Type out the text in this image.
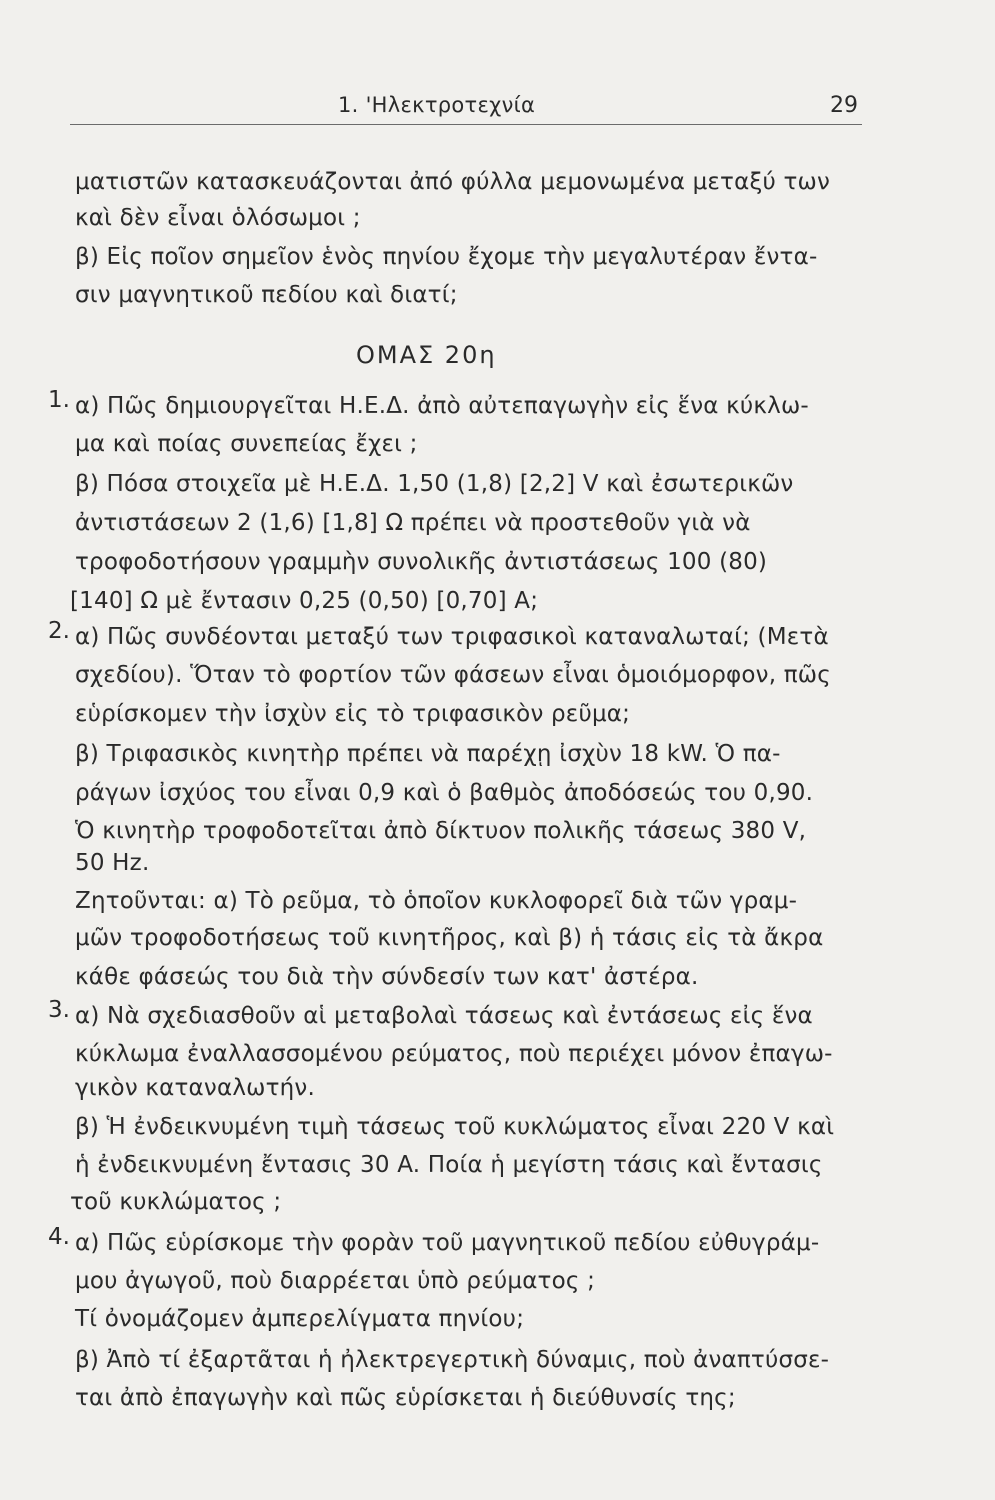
1. 'Ηλεκτροτεχνία	29
ματιστῶν κατασκευάζονται ἀπό φύλλα μεμονωμένα μεταξύ των
καὶ δὲν εἶναι ὁλόσωμοι ;
β) Εἰς ποῖον σημεῖον ἑνὸς πηνίου ἔχομε τὴν μεγαλυτέραν ἔντα-
σιν μαγνητικοῦ πεδίου καὶ διατί;
ΟΜΑΣ 20η
1. α) Πῶς δημιουργεῖται Η.Ε.Δ. ἀπὸ αὐτεπαγωγὴν εἰς ἕνα κύκλω-
μα καὶ ποίας συνεπείας ἔχει ;
β) Πόσα στοιχεῖα μὲ Η.Ε.Δ. 1,50 (1,8) [2,2] V καὶ ἐσωτερικῶν
ἀντιστάσεων 2 (1,6) [1,8] Ω πρέπει νὰ προστεθοῦν γιὰ νὰ
τροφοδοτήσουν γραμμὴν συνολικῆς ἀντιστάσεως 100 (80)
[140] Ω μὲ ἔντασιν 0,25 (0,50) [0,70] A;
2. α) Πῶς συνδέονται μεταξύ των τριφασικοὶ καταναλωταί; (Μετὰ
σχεδίου). Ὅταν τὸ φορτίον τῶν φάσεων εἶναι ὁμοιόμορφον, πῶς
εὑρίσκομεν τὴν ἰσχὺν εἰς τὸ τριφασικὸν ρεῦμα;
β) Τριφασικὸς κινητὴρ πρέπει νὰ παρέχῃ ἰσχὺν 18 kW. Ὁ πα-
ράγων ἰσχύος του εἶναι 0,9 καὶ ὁ βαθμὸς ἀποδόσεώς του 0,90.
Ὁ κινητὴρ τροφοδοτεῖται ἀπὸ δίκτυον πολικῆς τάσεως 380 V,
50 Hz.
Ζητοῦνται: α) Τὸ ρεῦμα, τὸ ὁποῖον κυκλοφορεῖ διὰ τῶν γραμ-
μῶν τροφοδοτήσεως τοῦ κινητῆρος, καὶ β) ἡ τάσις εἰς τὰ ἄκρα
κάθε φάσεώς του διὰ τὴν σύνδεσίν των κατ' ἀστέρα.
3. α) Νὰ σχεδιασθοῦν αἱ μεταβολαὶ τάσεως καὶ ἐντάσεως εἰς ἕνα
κύκλωμα ἐναλλασσομένου ρεύματος, ποὺ περιέχει μόνον ἐπαγω-
γικὸν καταναλωτήν.
β) Ἡ ἐνδεικνυμένη τιμὴ τάσεως τοῦ κυκλώματος εἶναι 220 V καὶ
ἡ ἐνδεικνυμένη ἔντασις 30 A. Ποία ἡ μεγίστη τάσις καὶ ἔντασις
τοῦ κυκλώματος ;
4. α) Πῶς εὑρίσκομε τὴν φορὰν τοῦ μαγνητικοῦ πεδίου εὐθυγράμ-
μου ἀγωγοῦ, ποὺ διαρρέεται ὑπὸ ρεύματος ;
Τί ὀνομάζομεν ἀμπερελίγματα πηνίου;
β) Ἀπὸ τί ἐξαρτᾶται ἡ ἠλεκτρεγερτικὴ δύναμις, ποὺ ἀναπτύσσε-
ται ἀπὸ ἐπαγωγὴν καὶ πῶς εὑρίσκεται ἡ διεύθυνσίς της;
